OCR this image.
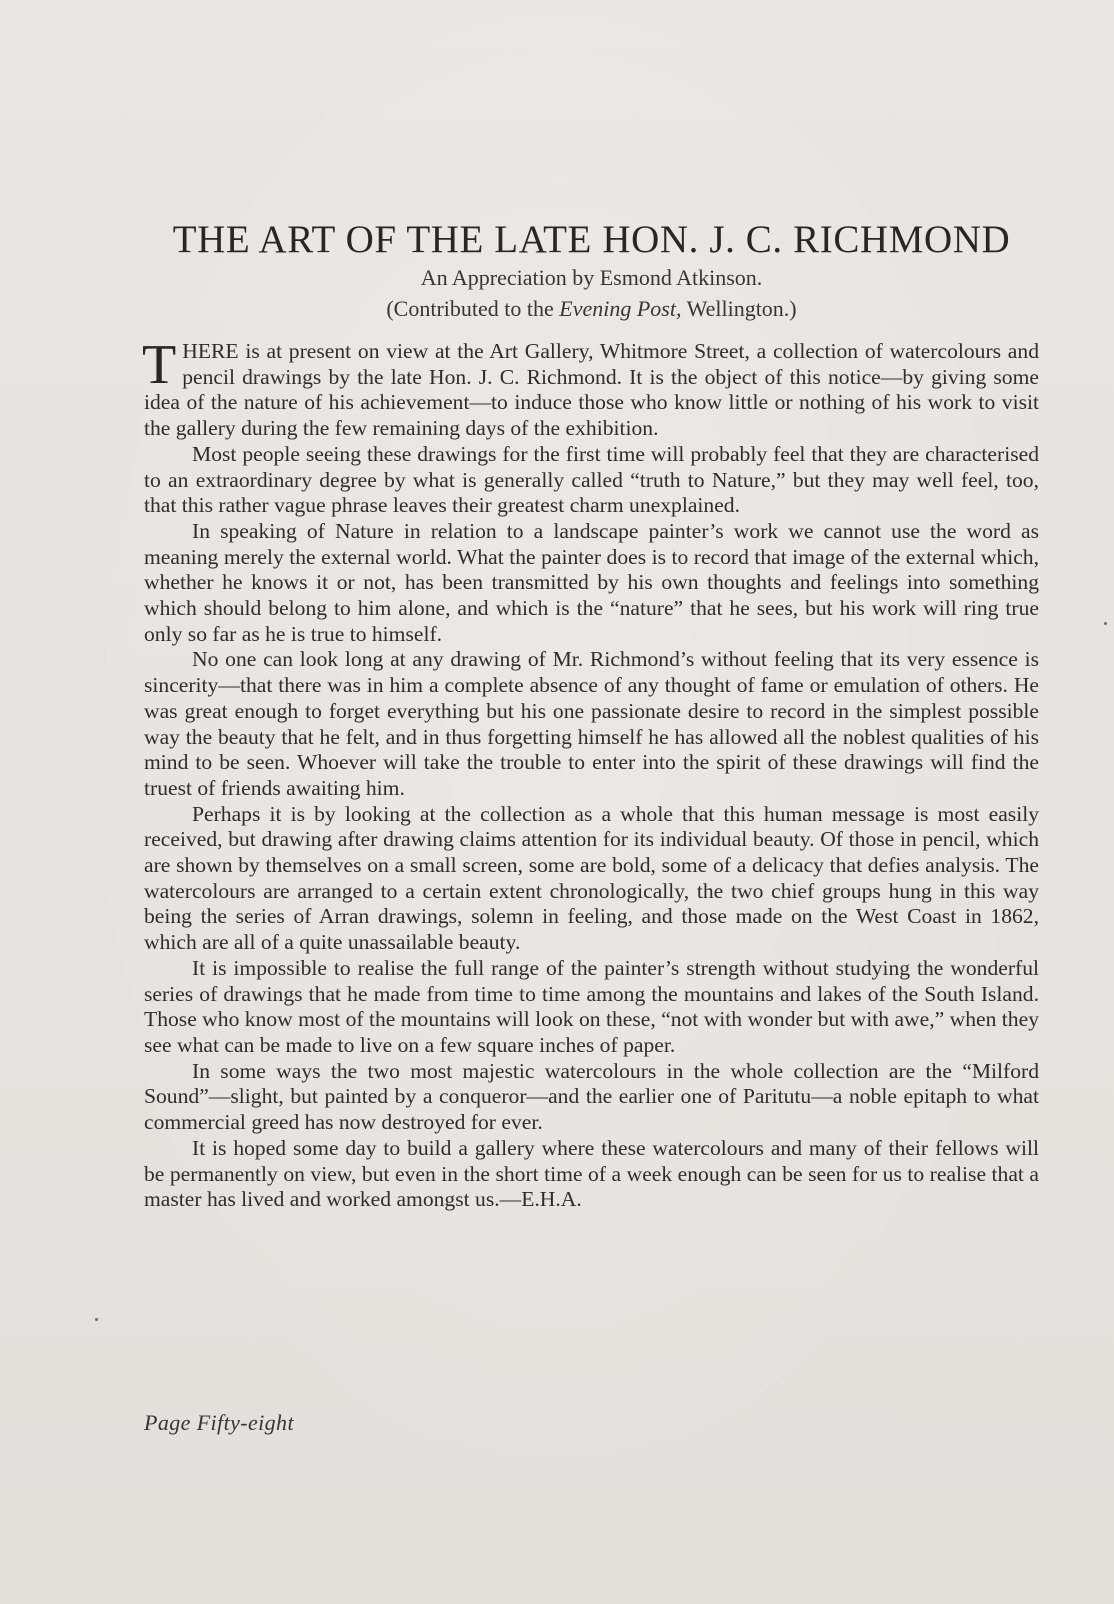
THE ART OF THE LATE HON. J. C. RICHMOND
An Appreciation by Esmond Atkinson.
(Contributed to the Evening Post, Wellington.)

THERE is at present on view at the Art Gallery, Whitmore Street, a collection of watercolours and pencil drawings by the late Hon. J. C. Richmond. It is the object of this notice—by giving some idea of the nature of his achievement—to induce those who know little or nothing of his work to visit the gallery during the few remaining days of the exhibition.

Most people seeing these drawings for the first time will probably feel that they are characterised to an extraordinary degree by what is generally called “truth to Nature,” but they may well feel, too, that this rather vague phrase leaves their greatest charm unexplained.

In speaking of Nature in relation to a landscape painter’s work we cannot use the word as meaning merely the external world. What the painter does is to record that image of the external which, whether he knows it or not, has been transmitted by his own thoughts and feelings into something which should belong to him alone, and which is the “nature” that he sees, but his work will ring true only so far as he is true to himself.

No one can look long at any drawing of Mr. Richmond’s without feeling that its very essence is sincerity—that there was in him a complete absence of any thought of fame or emulation of others. He was great enough to forget everything but his one passionate desire to record in the simplest possible way the beauty that he felt, and in thus forgetting himself he has allowed all the noblest qualities of his mind to be seen. Whoever will take the trouble to enter into the spirit of these drawings will find the truest of friends awaiting him.

Perhaps it is by looking at the collection as a whole that this human message is most easily received, but drawing after drawing claims attention for its individual beauty. Of those in pencil, which are shown by themselves on a small screen, some are bold, some of a delicacy that defies analysis. The watercolours are arranged to a certain extent chronologically, the two chief groups hung in this way being the series of Arran drawings, solemn in feeling, and those made on the West Coast in 1862, which are all of a quite unassailable beauty.

It is impossible to realise the full range of the painter’s strength without studying the wonderful series of drawings that he made from time to time among the mountains and lakes of the South Island. Those who know most of the mountains will look on these, “not with wonder but with awe,” when they see what can be made to live on a few square inches of paper.

In some ways the two most majestic watercolours in the whole collection are the “Milford Sound”—slight, but painted by a conqueror—and the earlier one of Paritutu—a noble epitaph to what commercial greed has now destroyed for ever.

It is hoped some day to build a gallery where these watercolours and many of their fellows will be permanently on view, but even in the short time of a week enough can be seen for us to realise that a master has lived and worked amongst us.—E.H.A.

Page Fifty-eight
